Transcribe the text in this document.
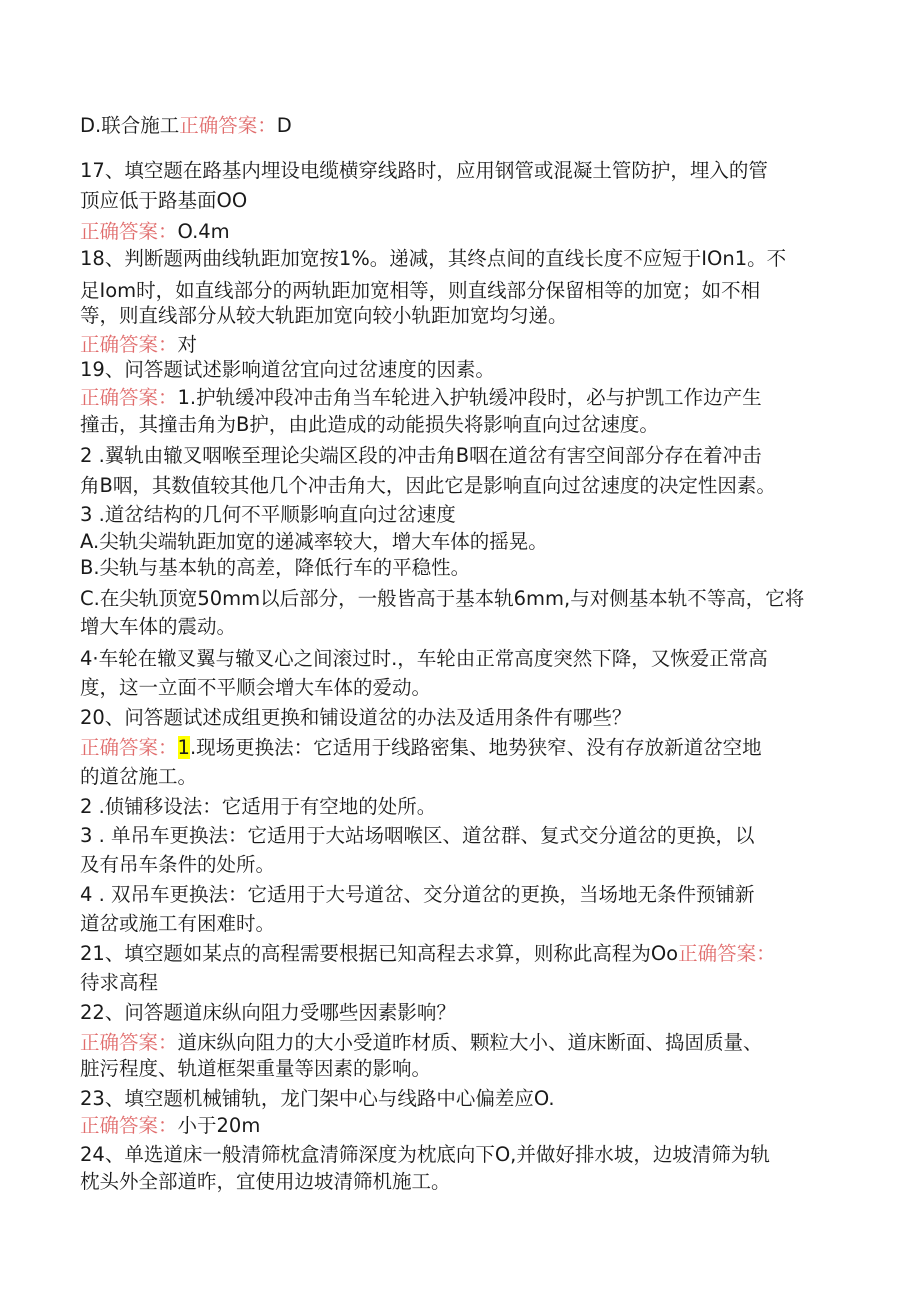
D.联合施工正确答案：D
17、填空题在路基内埋设电缆横穿线路时，应用钢管或混凝土管防护，埋入的管
顶应低于路基面OO
正确答案：O.4m
18、判断题两曲线轨距加宽按1%。递减，其终点间的直线长度不应短于IOn1。不
足Iom时，如直线部分的两轨距加宽相等，则直线部分保留相等的加宽；如不相
等，则直线部分从较大轨距加宽向较小轨距加宽均匀递。
正确答案：对
19、问答题试述影响道岔宜向过岔速度的因素。
正确答案：1.护轨缓冲段冲击角当车轮进入护轨缓冲段时，必与护凯工作边产生
撞击，其撞击角为B护，由此造成的动能损失将影响直向过岔速度。
2 .翼轨由辙叉咽喉至理论尖端区段的冲击角B咽在道岔有害空间部分存在着冲击
角B咽，其数值较其他几个冲击角大，因此它是影响直向过岔速度的决定性因素。
3 .道岔结构的几何不平顺影响直向过岔速度
A.尖轨尖端轨距加宽的递减率较大，增大车体的摇晃。
B.尖轨与基本轨的高差，降低行车的平稳性。
C.在尖轨顶宽50mm以后部分，一般皆高于基本轨6mm,与对侧基本轨不等高，它将
增大车体的震动。
4·车轮在辙叉翼与辙叉心之间滚过时.，车轮由正常高度突然下降，又恢爱正常高
度，这一立面不平顺会增大车体的爱动。
20、问答题试述成组更换和铺设道岔的办法及适用条件有哪些？
正确答案：1.现场更换法：它适用于线路密集、地势狭窄、没有存放新道岔空地
的道岔施工。
2 .侦铺移设法：它适用于有空地的处所。
3 . 单吊车更换法：它适用于大站场咽喉区、道岔群、复式交分道岔的更换，以
及有吊车条件的处所。
4 . 双吊车更换法：它适用于大号道岔、交分道岔的更换，当场地无条件预铺新
道岔或施工有困难时。
21、填空题如某点的高程需要根据已知高程去求算，则称此高程为Oo正确答案：
待求高程
22、问答题道床纵向阻力受哪些因素影响？
正确答案：道床纵向阻力的大小受道昨材质、颗粒大小、道床断面、捣固质量、
脏污程度、轨道框架重量等因素的影响。
23、填空题机械铺轨，龙门架中心与线路中心偏差应O.
正确答案：小于20m
24、单选道床一般清筛枕盒清筛深度为枕底向下O,并做好排水坡，边坡清筛为轨
枕头外全部道昨，宜使用边坡清筛机施工。
